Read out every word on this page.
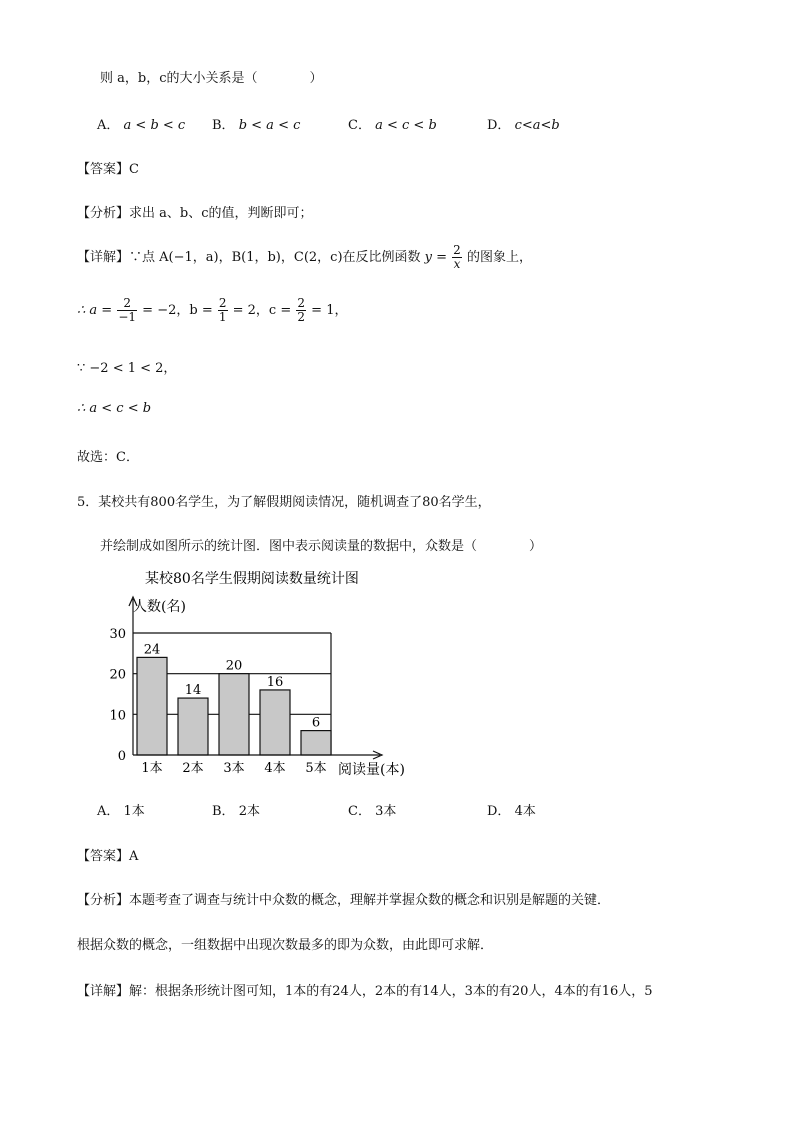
则 a，b，c的大小关系是（　　　　）
A． a < b < c B． b < a < c	C． a < c < b	D． c<a<b
【答案】C
【分析】求出 a、b、c的值，判断即可；
【详解】∵点 A(−1，a)，B(1，b)，C(2，c)在反比例函数 $y = \frac{2}{x}$ 的图象上，
∴ $a = \frac{2}{-1} = -2$，$b = \frac{2}{1} = 2$，$c = \frac{2}{2} = 1$，
∵ −2 < 1 < 2，
∴ a < c < b
故选：C．
5．某校共有800名学生，为了解假期阅读情况，随机调查了80名学生，
并绘制成如图所示的统计图．图中表示阅读量的数据中，众数是（　　　　）
某校80名学生假期阅读数量统计图
人数(名)
阅读量(本)
0
10
20
30
24
1本
14
2本
20
3本
16
4本
6
5本
A． 1本	B． 2本	C． 3本	D． 4本
【答案】A
【分析】本题考查了调查与统计中众数的概念，理解并掌握众数的概念和识别是解题的关键．
根据众数的概念，一组数据中出现次数最多的即为众数，由此即可求解．
【详解】解：根据条形统计图可知，1本的有24人，2本的有14人，3本的有20人，4本的有16人，5
